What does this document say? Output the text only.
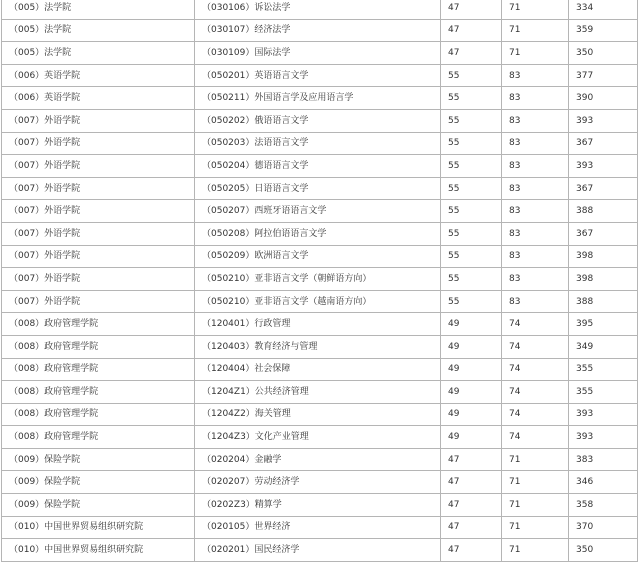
（005）法学院	（030106）诉讼法学	47	71	334
（005）法学院	（030107）经济法学	47	71	359
（005）法学院	（030109）国际法学	47	71	350
（006）英语学院	（050201）英语语言文学	55	83	377
（006）英语学院	（050211）外国语言学及应用语言学	55	83	390
（007）外语学院	（050202）俄语语言文学	55	83	393
（007）外语学院	（050203）法语语言文学	55	83	367
（007）外语学院	（050204）德语语言文学	55	83	393
（007）外语学院	（050205）日语语言文学	55	83	367
（007）外语学院	（050207）西班牙语语言文学	55	83	388
（007）外语学院	（050208）阿拉伯语语言文学	55	83	367
（007）外语学院	（050209）欧洲语言文学	55	83	398
（007）外语学院	（050210）亚非语言文学（朝鲜语方向）	55	83	398
（007）外语学院	（050210）亚非语言文学（越南语方向）	55	83	388
（008）政府管理学院	（120401）行政管理	49	74	395
（008）政府管理学院	（120403）教育经济与管理	49	74	349
（008）政府管理学院	（120404）社会保障	49	74	355
（008）政府管理学院	（1204Z1）公共经济管理	49	74	355
（008）政府管理学院	（1204Z2）海关管理	49	74	393
（008）政府管理学院	（1204Z3）文化产业管理	49	74	393
（009）保险学院	（020204）金融学	47	71	383
（009）保险学院	（020207）劳动经济学	47	71	346
（009）保险学院	（0202Z3）精算学	47	71	358
（010）中国世界贸易组织研究院	（020105）世界经济	47	71	370
（010）中国世界贸易组织研究院	（020201）国民经济学	47	71	350
